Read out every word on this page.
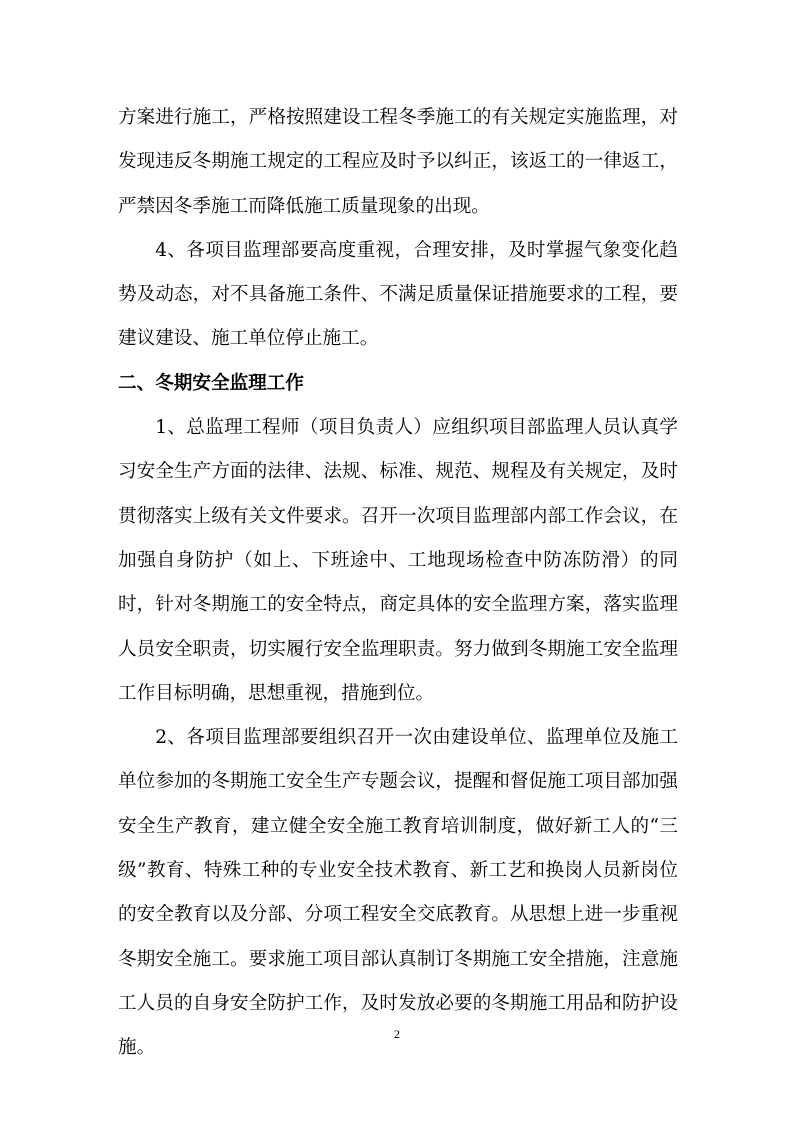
方案进行施工，严格按照建设工程冬季施工的有关规定实施监理，对发现违反冬期施工规定的工程应及时予以纠正，该返工的一律返工，严禁因冬季施工而降低施工质量现象的出现。

4、各项目监理部要高度重视，合理安排，及时掌握气象变化趋势及动态，对不具备施工条件、不满足质量保证措施要求的工程，要建议建设、施工单位停止施工。

二、冬期安全监理工作

1、总监理工程师（项目负责人）应组织项目部监理人员认真学习安全生产方面的法律、法规、标准、规范、规程及有关规定，及时贯彻落实上级有关文件要求。召开一次项目监理部内部工作会议，在加强自身防护（如上、下班途中、工地现场检查中防冻防滑）的同时，针对冬期施工的安全特点，商定具体的安全监理方案，落实监理人员安全职责，切实履行安全监理职责。努力做到冬期施工安全监理工作目标明确，思想重视，措施到位。

2、各项目监理部要组织召开一次由建设单位、监理单位及施工单位参加的冬期施工安全生产专题会议，提醒和督促施工项目部加强安全生产教育，建立健全安全施工教育培训制度，做好新工人的“三级”教育、特殊工种的专业安全技术教育、新工艺和换岗人员新岗位的安全教育以及分部、分项工程安全交底教育。从思想上进一步重视冬期安全施工。要求施工项目部认真制订冬期施工安全措施，注意施工人员的自身安全防护工作，及时发放必要的冬期施工用品和防护设施。

2
